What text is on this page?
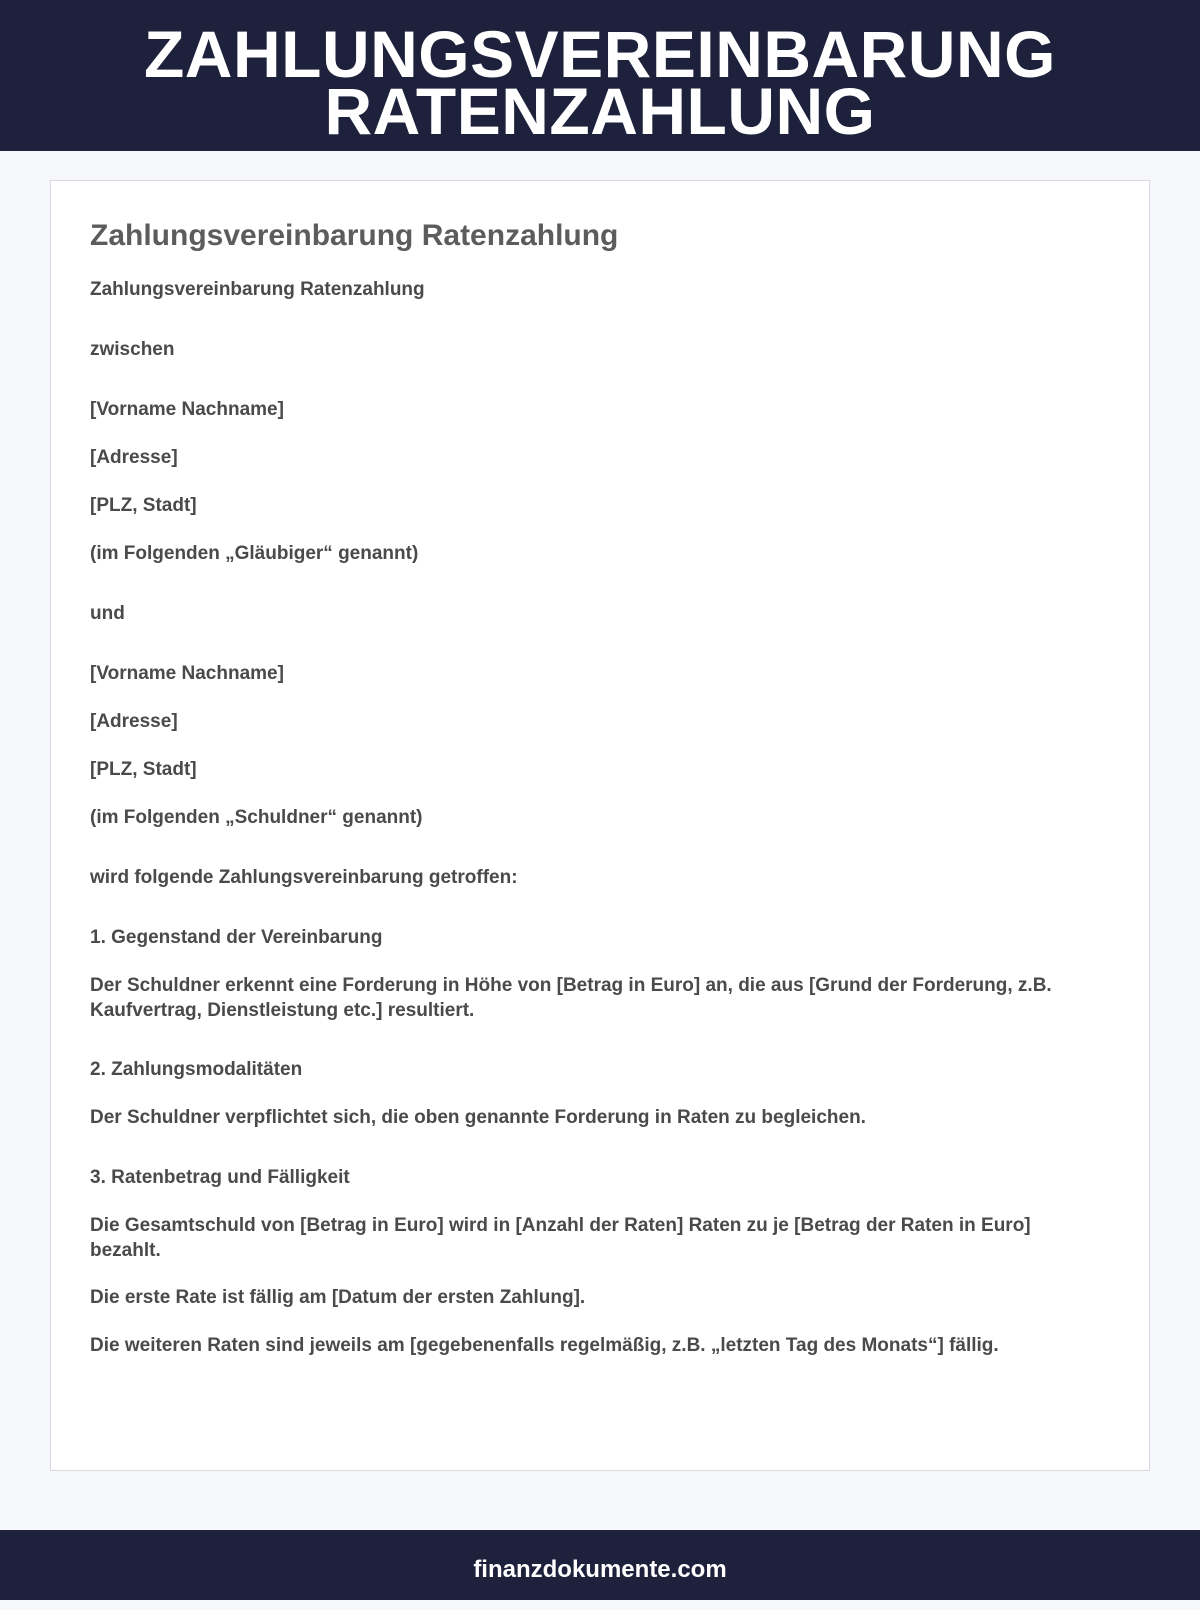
ZAHLUNGSVEREINBARUNG
RATENZAHLUNG
Zahlungsvereinbarung Ratenzahlung

Zahlungsvereinbarung Ratenzahlung

zwischen

[Vorname Nachname]

[Adresse]

[PLZ, Stadt]

(im Folgenden „Gläubiger“ genannt)

und

[Vorname Nachname]

[Adresse]

[PLZ, Stadt]

(im Folgenden „Schuldner“ genannt)

wird folgende Zahlungsvereinbarung getroffen:

1. Gegenstand der Vereinbarung

Der Schuldner erkennt eine Forderung in Höhe von [Betrag in Euro] an, die aus [Grund der Forderung, z.B. Kaufvertrag, Dienstleistung etc.] resultiert.

2. Zahlungsmodalitäten

Der Schuldner verpflichtet sich, die oben genannte Forderung in Raten zu begleichen.

3. Ratenbetrag und Fälligkeit

Die Gesamtschuld von [Betrag in Euro] wird in [Anzahl der Raten] Raten zu je [Betrag der Raten in Euro] bezahlt.

Die erste Rate ist fällig am [Datum der ersten Zahlung].

Die weiteren Raten sind jeweils am [gegebenenfalls regelmäßig, z.B. „letzten Tag des Monats“] fällig.

finanzdokumente.com
